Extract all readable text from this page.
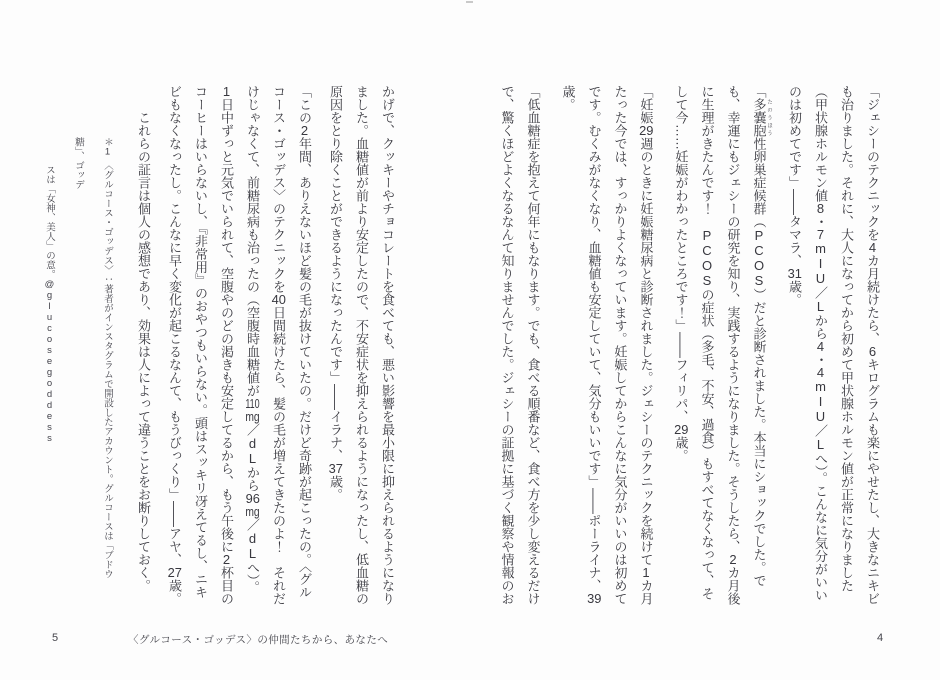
「ジェシーのテクニックを4カ月続けたら、6キログラムも楽にやせたし、大きなニキビも治りました。それに、大人になってから初めて甲状腺ホルモン値が正常になりました（甲状腺ホルモン値8・7mIU／Lから4・4mIU／Lへ）。こんなに気分がいいのは初めてです」――タマラ、31歳。

「多嚢胞 たのうほう性卵巣症候群（PCOS）だと診断されました。本当にショックでした。でも、幸運にもジェシーの研究を知り、実践するようになりました。そうしたら、2カ月後に生理がきたんです！　PCOSの症状（多毛、不安、過食）もすべてなくなって、そして今……妊娠がわかったところです！」――フィリパ、29歳。

「妊娠29週のときに妊娠糖尿病と診断されました。ジェシーのテクニックを続けて1カ月たった今では、すっかりよくなっています。妊娠してからこんなに気分がいいのは初めてです。むくみがなくなり、血糖値も安定していて、気分もいいです」――ポーライナ、39歳。

「低血糖症を抱えて何年にもなります。でも、食べる順番など、食べ方を少し変えるだけで、驚くほどよくなるなんて知りませんでした。ジェシーの証拠に基づく観察や情報のお

4

かげで、クッキーやチョコレートを食べても、悪い影響を最小限に抑えられるようになりました。血糖値が前より安定したので、不安症状を抑えられるようになったし、低血糖の原因をとり除くことができるようになったんです」――イラナ、37歳。

「この2年間、ありえないほど髪の毛が抜けていたの。だけど奇跡が起こったの。〈グルコース・ゴッデス〉のテクニックを40日間続けたら、髪の毛が増えてきたのよ！　それだけじゃなくて、前糖尿病も治ったの（空腹時血糖値が110mg／dLから96mg／dLへ）。1日中ずっと元気でいられて、空腹やのどの渇きも安定してるから、もう午後に2杯目のコーヒーはいらないし、『非常用』のおやつもいらない。頭はスッキリ冴えてるし、ニキビもなくなったし。こんなに早く変化が起こるなんて、もうびっくり」――アヤ、27歳。

これらの証言は個人の感想であり、効果は人によって違うことをお断りしておく。

＊1　〈グルコース・ゴッデス〉：著者がインスタグラムで開設したアカウント。グルコースは「ブドウ糖」、ゴッデ
スは「女神、美人」の意。@glucosegoddess
5	〈グルコース・ゴッデス〉の仲間たちから、あなたへ
